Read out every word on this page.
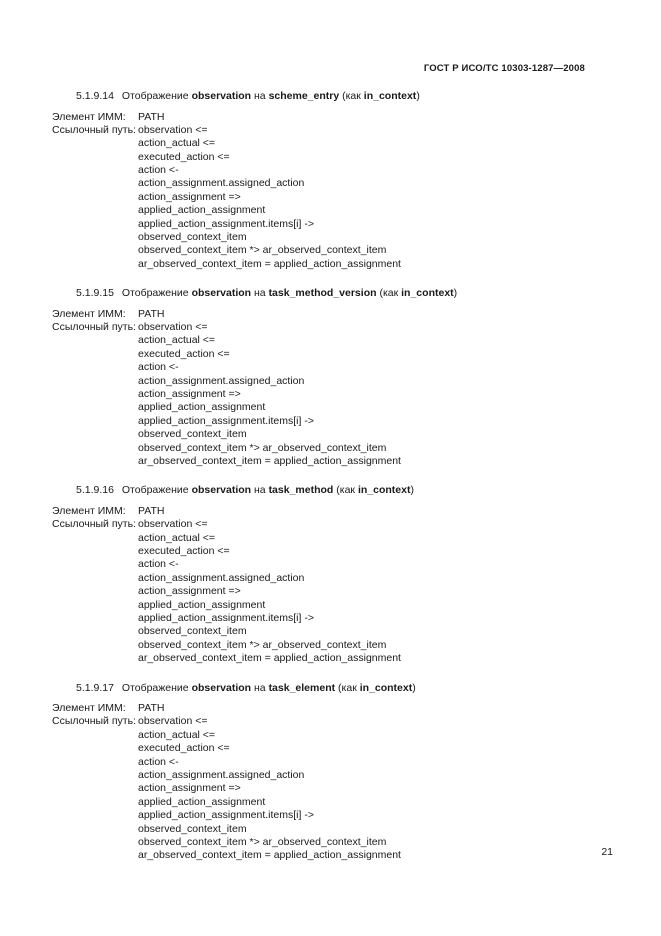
ГОСТ Р ИСО/ТС 10303-1287—2008
5.1.9.14 Отображение observation на scheme_entry (как in_context)
Элемент ИММ: PATH
Ссылочный путь: observation <=
action_actual <=
executed_action <=
action <-
action_assignment.assigned_action
action_assignment =>
applied_action_assignment
applied_action_assignment.items[i] ->
observed_context_item
observed_context_item *> ar_observed_context_item
ar_observed_context_item = applied_action_assignment
5.1.9.15 Отображение observation на task_method_version (как in_context)
Элемент ИММ: PATH
Ссылочный путь: observation <=
action_actual <=
executed_action <=
action <-
action_assignment.assigned_action
action_assignment =>
applied_action_assignment
applied_action_assignment.items[i] ->
observed_context_item
observed_context_item *> ar_observed_context_item
ar_observed_context_item = applied_action_assignment
5.1.9.16 Отображение observation на task_method (как in_context)
Элемент ИММ: PATH
Ссылочный путь: observation <=
action_actual <=
executed_action <=
action <-
action_assignment.assigned_action
action_assignment =>
applied_action_assignment
applied_action_assignment.items[i] ->
observed_context_item
observed_context_item *> ar_observed_context_item
ar_observed_context_item = applied_action_assignment
5.1.9.17 Отображение observation на task_element (как in_context)
Элемент ИММ: PATH
Ссылочный путь: observation <=
action_actual <=
executed_action <=
action <-
action_assignment.assigned_action
action_assignment =>
applied_action_assignment
applied_action_assignment.items[i] ->
observed_context_item
observed_context_item *> ar_observed_context_item
ar_observed_context_item = applied_action_assignment	21
